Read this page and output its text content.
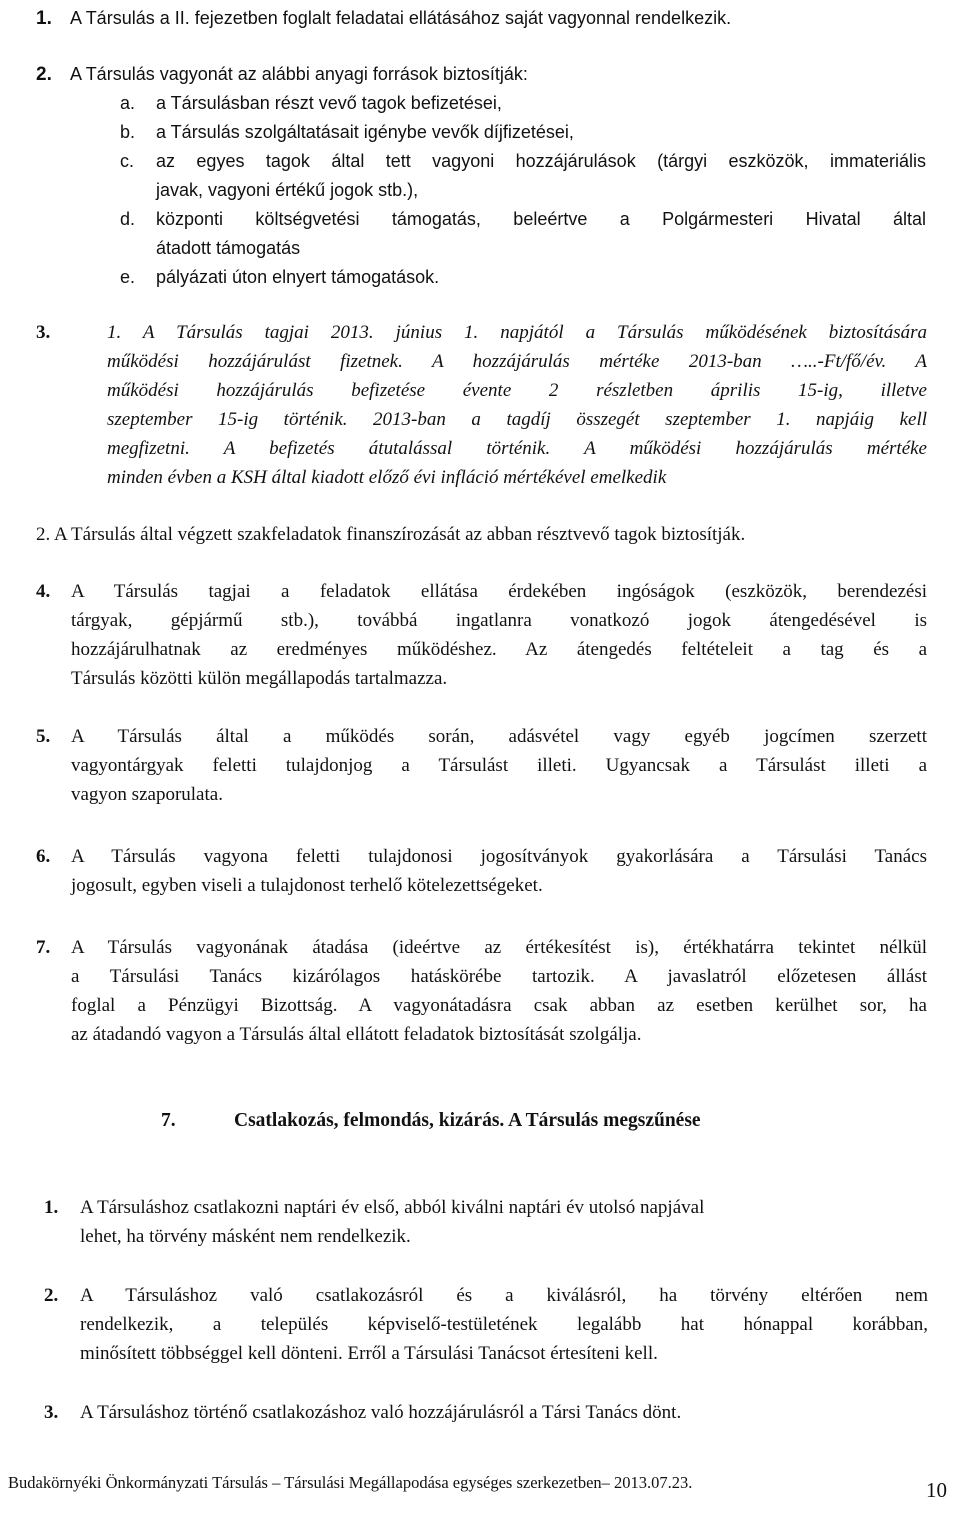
1. A Társulás a II. fejezetben foglalt feladatai ellátásához saját vagyonnal rendelkezik.
2. A Társulás vagyonát az alábbi anyagi források biztosítják:
a. a Társulásban részt vevő tagok befizetései,
b. a Társulás szolgáltatásait igénybe vevők díjfizetései,
c. az egyes tagok által tett vagyoni hozzájárulások (tárgyi eszközök, immateriális
javak, vagyoni értékű jogok stb.),
d. központi költségvetési támogatás, beleértve a Polgármesteri Hivatal által
átadott támogatás
e. pályázati úton elnyert támogatások.
3.	1. A Társulás tagjai 2013. június 1. napjától a Társulás működésének biztosítására
működési hozzájárulást fizetnek. A hozzájárulás mértéke 2013-ban …..-Ft/fő/év. A
működési hozzájárulás befizetése évente 2 részletben április 15-ig, illetve
szeptember 15-ig történik. 2013-ban a tagdíj összegét szeptember 1. napjáig kell
megfizetni. A befizetés átutalással történik. A működési hozzájárulás mértéke
minden évben a KSH által kiadott előző évi infláció mértékével emelkedik
2. A Társulás által végzett szakfeladatok finanszírozását az abban résztvevő tagok biztosítják.
4. A Társulás tagjai a feladatok ellátása érdekében ingóságok (eszközök, berendezési
tárgyak, gépjármű stb.), továbbá ingatlanra vonatkozó jogok átengedésével is
hozzájárulhatnak az eredményes működéshez. Az átengedés feltételeit a tag és a
Társulás közötti külön megállapodás tartalmazza.
5. A Társulás által a működés során, adásvétel vagy egyéb jogcímen szerzett
vagyontárgyak feletti tulajdonjog a Társulást illeti. Ugyancsak a Társulást illeti a
vagyon szaporulata.
6. A Társulás vagyona feletti tulajdonosi jogosítványok gyakorlására a Társulási Tanács
jogosult, egyben viseli a tulajdonost terhelő kötelezettségeket.
7. A Társulás vagyonának átadása (ideértve az értékesítést is), értékhatárra tekintet nélkül
a Társulási Tanács kizárólagos hatáskörébe tartozik. A javaslatról előzetesen állást
foglal a Pénzügyi Bizottság. A vagyonátadásra csak abban az esetben kerülhet sor, ha
az átadandó vagyon a Társulás által ellátott feladatok biztosítását szolgálja.
7.	Csatlakozás, felmondás, kizárás. A Társulás megszűnése
1. A Társuláshoz csatlakozni naptári év első, abból kiválni naptári év utolsó napjával
lehet, ha törvény másként nem rendelkezik.
2. A Társuláshoz való csatlakozásról és a kiválásról, ha törvény eltérően nem
rendelkezik, a település képviselő-testületének legalább hat hónappal korábban,
minősített többséggel kell dönteni. Erről a Társulási Tanácsot értesíteni kell.
3. A Társuláshoz történő csatlakozáshoz való hozzájárulásról a Társi Tanács dönt.
Budakörnyéki Önkormányzati Társulás – Társulási Megállapodása egységes szerkezetben– 2013.07.23.	10
